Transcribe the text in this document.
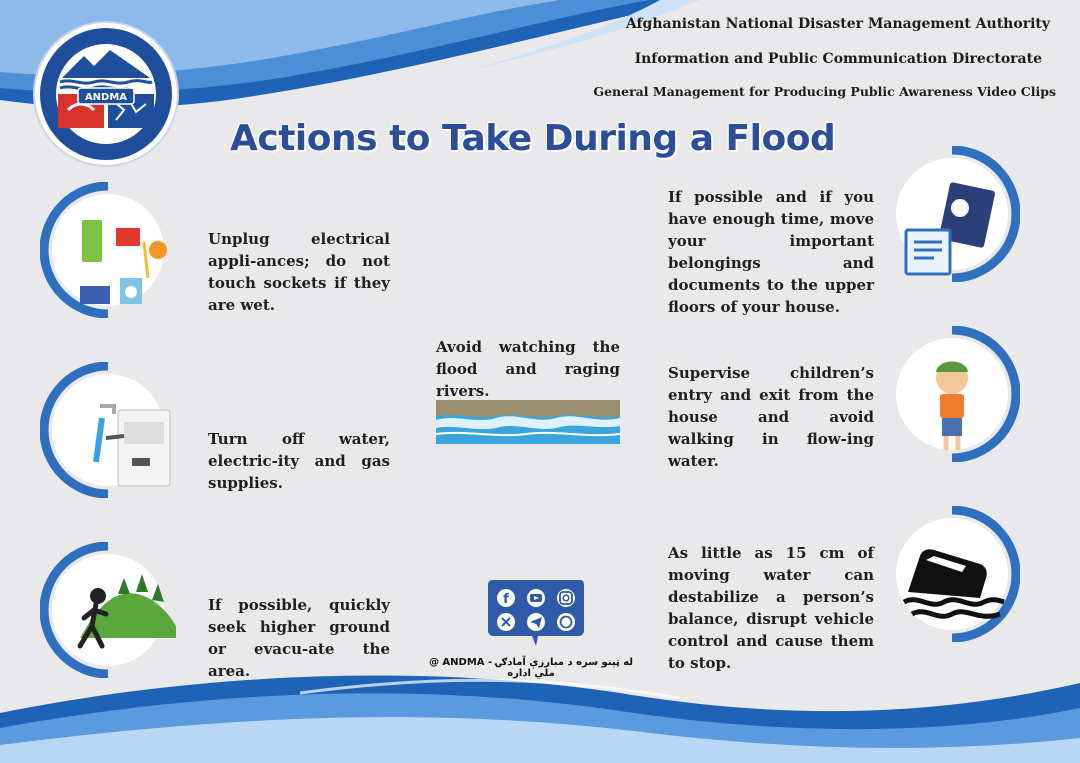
ANDMA
Afghanistan National Disaster Management Authority
Information and Public Communication Directorate
General Management for Producing Public Awareness Video Clips
Actions to Take During a Flood
Unplug electrical appli-ances; do not touch sockets if they are wet.
Turn off water, electric-ity and gas supplies.
If possible, quickly seek higher ground or evacu-ate the area.
Avoid watching the flood and raging rivers.
If possible and if you have enough time, move your important belongings and documents to the upper floors of your house.
Supervise children’s entry and exit from the house and avoid walking in flow-ing water.
As little as 15 cm of moving water can destabilize a person’s balance, disrupt vehicle control and cause them to stop.
f
@ ANDMA - له ټپنو سره د مبارزې آمادګۍ ملي اداره
